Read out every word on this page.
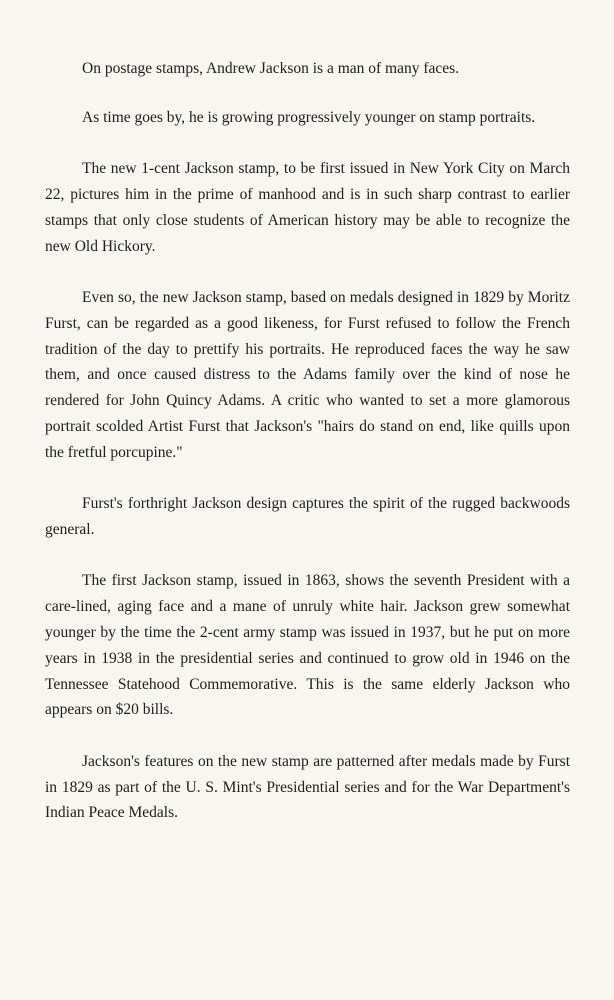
On postage stamps, Andrew Jackson is a man of many faces.

As time goes by, he is growing progressively younger on stamp portraits.

The new 1-cent Jackson stamp, to be first issued in New York City on March 22, pictures him in the prime of manhood and is in such sharp contrast to earlier stamps that only close students of American history may be able to recognize the new Old Hickory.

Even so, the new Jackson stamp, based on medals designed in 1829 by Moritz Furst, can be regarded as a good likeness, for Furst refused to follow the French tradition of the day to prettify his portraits. He reproduced faces the way he saw them, and once caused distress to the Adams family over the kind of nose he rendered for John Quincy Adams. A critic who wanted to set a more glamorous portrait scolded Artist Furst that Jackson's "hairs do stand on end, like quills upon the fretful porcupine."

Furst's forthright Jackson design captures the spirit of the rugged backwoods general.

The first Jackson stamp, issued in 1863, shows the seventh President with a care-lined, aging face and a mane of unruly white hair. Jackson grew somewhat younger by the time the 2-cent army stamp was issued in 1937, but he put on more years in 1938 in the presidential series and continued to grow old in 1946 on the Tennessee Statehood Commemorative. This is the same elderly Jackson who appears on $20 bills.

Jackson's features on the new stamp are patterned after medals made by Furst in 1829 as part of the U. S. Mint's Presidential series and for the War Department's Indian Peace Medals.
